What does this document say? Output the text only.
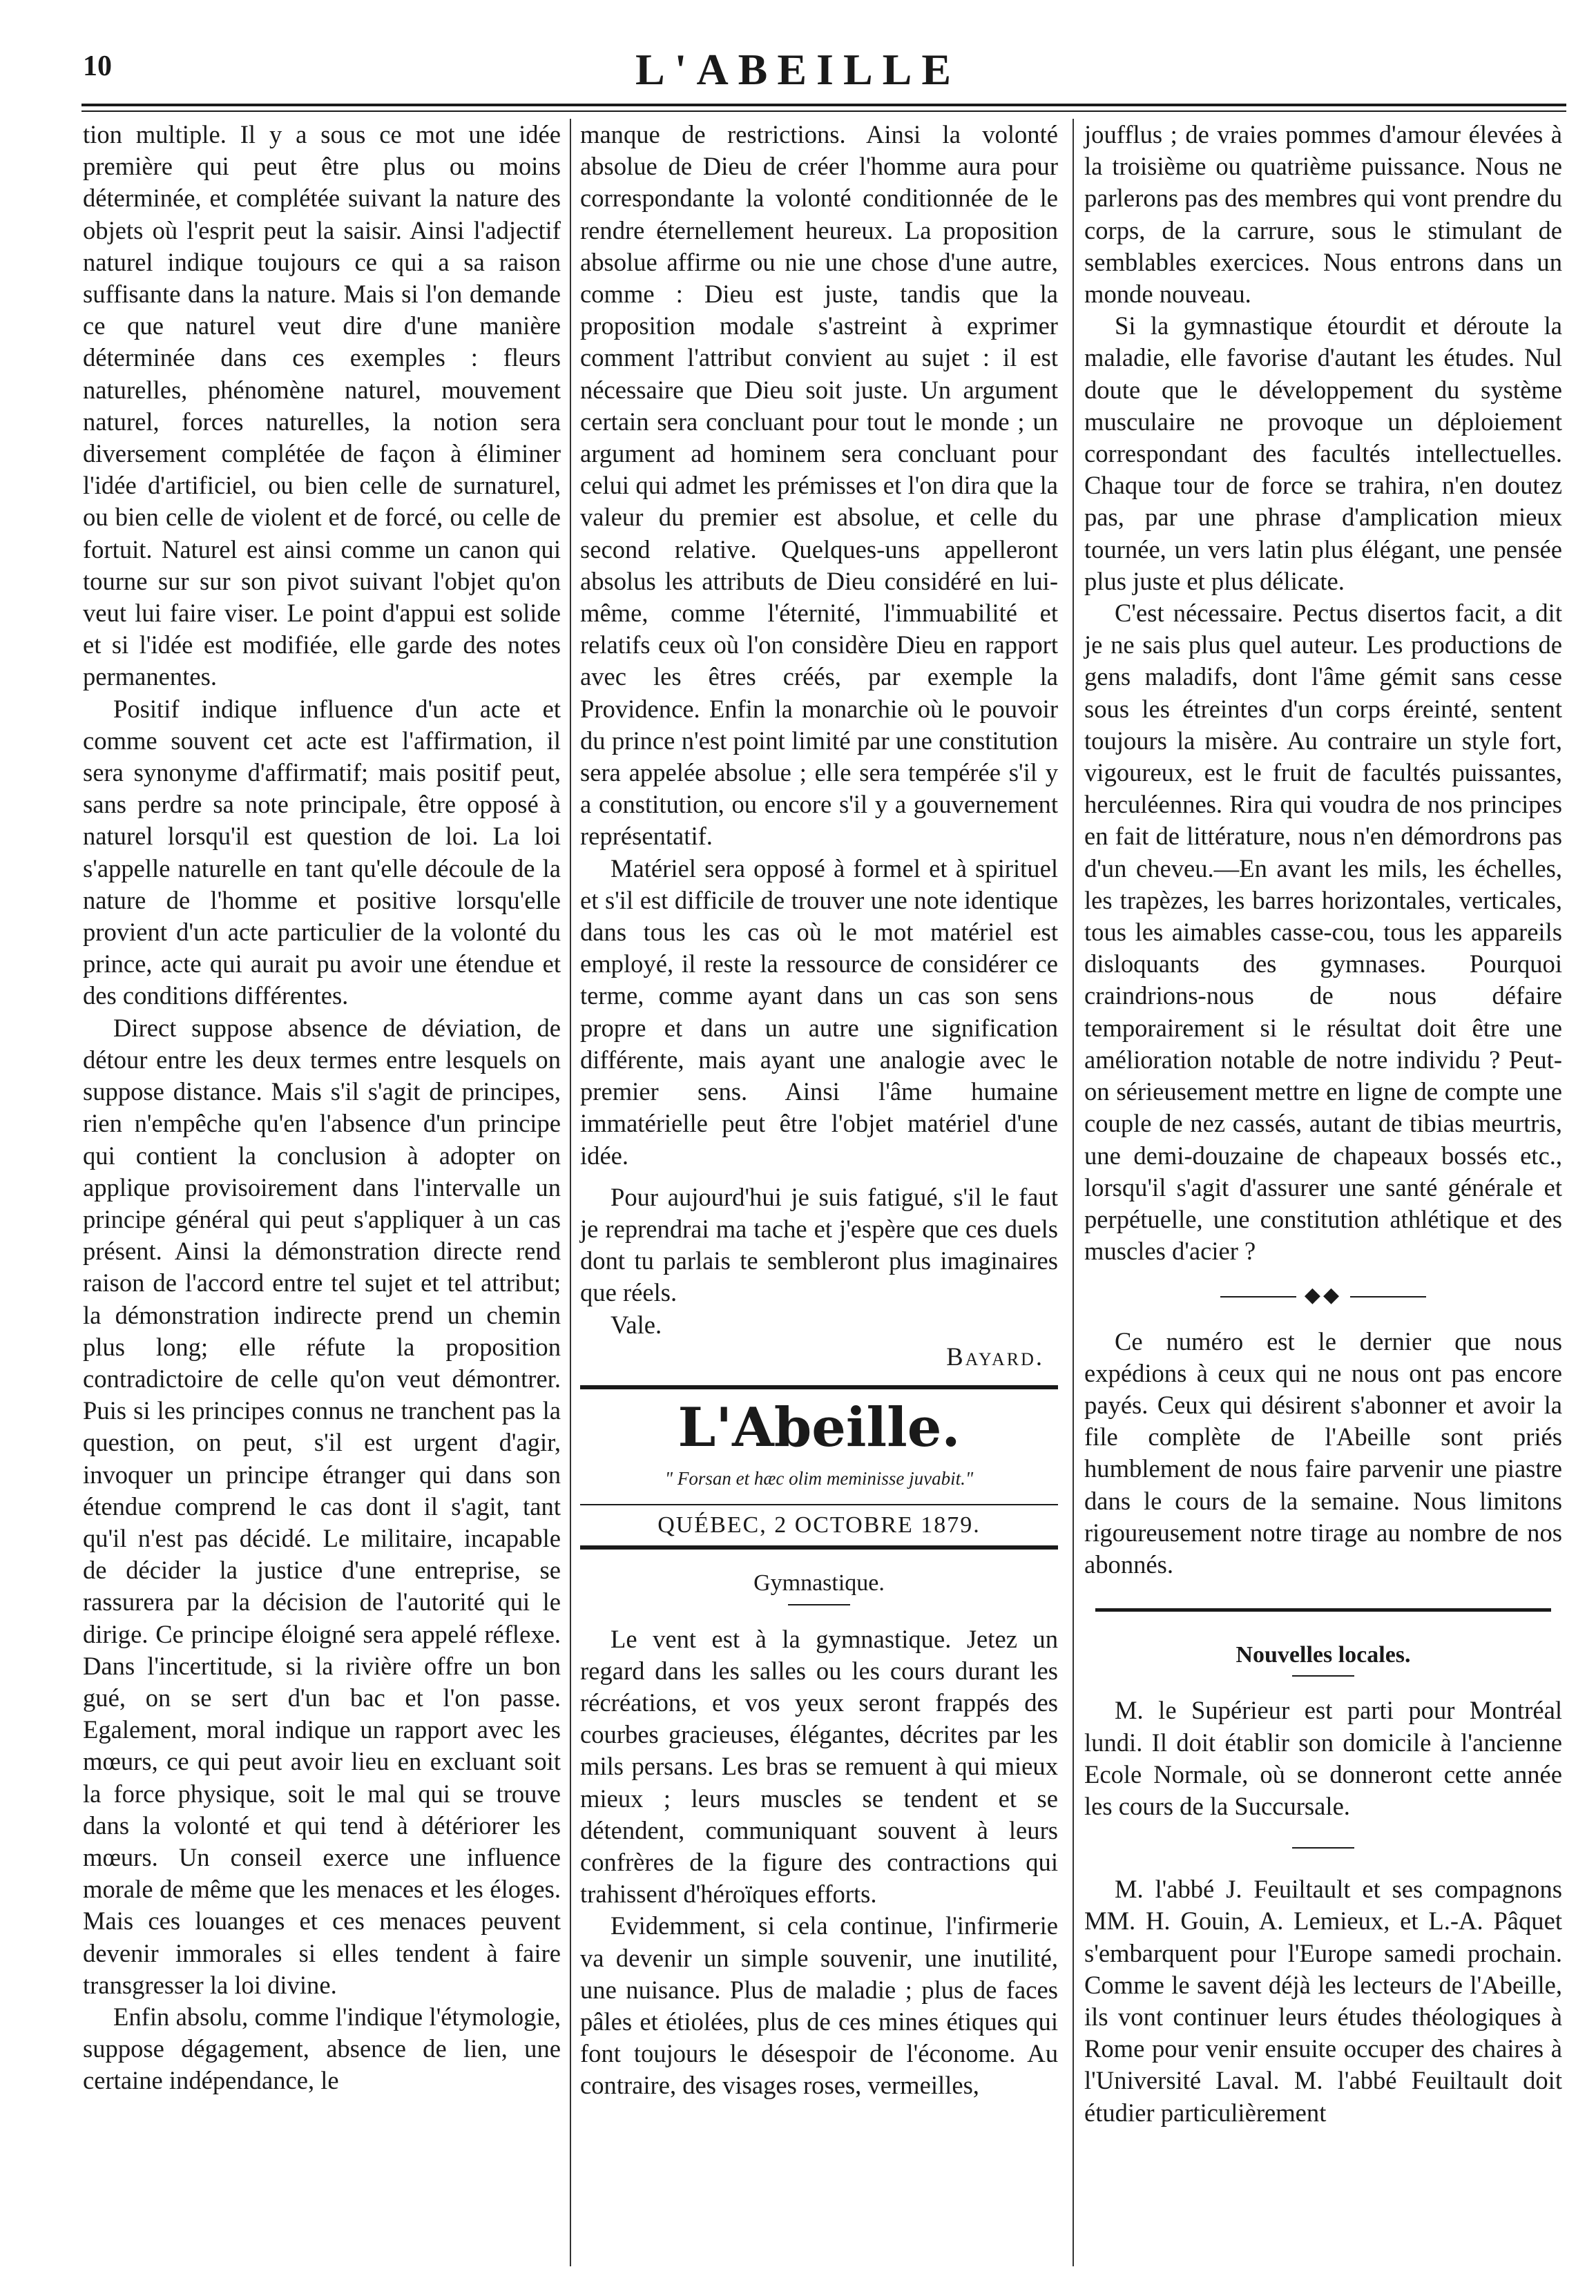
10	L'ABEILLE

tion multiple. Il y a sous ce mot une idée première qui peut être plus ou moins déterminée, et complétée suivant la nature des objets où l'esprit peut la saisir. Ainsi l'adjectif naturel indique toujours ce qui a sa raison suffisante dans la nature. Mais si l'on demande ce que naturel veut dire d'une manière déterminée dans ces exemples : fleurs naturelles, phénomène naturel, mouvement naturel, forces naturelles, la notion sera diversement complétée de façon à éliminer l'idée d'artificiel, ou bien celle de surnaturel, ou bien celle de violent et de forcé, ou celle de fortuit. Naturel est ainsi comme un canon qui tourne sur sur son pivot suivant l'objet qu'on veut lui faire viser. Le point d'appui est solide et si l'idée est modifiée, elle garde des notes permanentes.

Positif indique influence d'un acte et comme souvent cet acte est l'affirmation, il sera synonyme d'affirmatif; mais positif peut, sans perdre sa note principale, être opposé à naturel lorsqu'il est question de loi. La loi s'appelle naturelle en tant qu'elle découle de la nature de l'homme et positive lorsqu'elle provient d'un acte particulier de la volonté du prince, acte qui aurait pu avoir une étendue et des conditions différentes.

Direct suppose absence de déviation, de détour entre les deux termes entre lesquels on suppose distance. Mais s'il s'agit de principes, rien n'empêche qu'en l'absence d'un principe qui contient la conclusion à adopter on applique provisoirement dans l'intervalle un principe général qui peut s'appliquer à un cas présent. Ainsi la démonstration directe rend raison de l'accord entre tel sujet et tel attribut; la démonstration indirecte prend un chemin plus long; elle réfute la proposition contradictoire de celle qu'on veut démontrer. Puis si les principes connus ne tranchent pas la question, on peut, s'il est urgent d'agir, invoquer un principe étranger qui dans son étendue comprend le cas dont il s'agit, tant qu'il n'est pas décidé. Le militaire, incapable de décider la justice d'une entreprise, se rassurera par la décision de l'autorité qui le dirige. Ce principe éloigné sera appelé réflexe. Dans l'incertitude, si la rivière offre un bon gué, on se sert d'un bac et l'on passe. Egalement, moral indique un rapport avec les mœurs, ce qui peut avoir lieu en excluant soit la force physique, soit le mal qui se trouve dans la volonté et qui tend à détériorer les mœurs. Un conseil exerce une influence morale de même que les menaces et les éloges. Mais ces louanges et ces menaces peuvent devenir immorales si elles tendent à faire transgresser la loi divine.

Enfin absolu, comme l'indique l'étymologie, suppose dégagement, absence de lien, une certaine indépendance, le

manque de restrictions. Ainsi la volonté absolue de Dieu de créer l'homme aura pour correspondante la volonté conditionnée de le rendre éternellement heureux. La proposition absolue affirme ou nie une chose d'une autre, comme : Dieu est juste, tandis que la proposition modale s'astreint à exprimer comment l'attribut convient au sujet : il est nécessaire que Dieu soit juste. Un argument certain sera concluant pour tout le monde ; un argument ad hominem sera concluant pour celui qui admet les prémisses et l'on dira que la valeur du premier est absolue, et celle du second relative. Quelques-uns appelleront absolus les attributs de Dieu considéré en lui-même, comme l'éternité, l'immuabilité et relatifs ceux où l'on considère Dieu en rapport avec les êtres créés, par exemple la Providence. Enfin la monarchie où le pouvoir du prince n'est point limité par une constitution sera appelée absolue ; elle sera tempérée s'il y a constitution, ou encore s'il y a gouvernement représentatif.

Matériel sera opposé à formel et à spirituel et s'il est difficile de trouver une note identique dans tous les cas où le mot matériel est employé, il reste la ressource de considérer ce terme, comme ayant dans un cas son sens propre et dans un autre une signification différente, mais ayant une analogie avec le premier sens. Ainsi l'âme humaine immatérielle peut être l'objet matériel d'une idée.

Pour aujourd'hui je suis fatigué, s'il le faut je reprendrai ma tache et j'espère que ces duels dont tu parlais te sembleront plus imaginaires que réels.

Vale.

Bayard.

L'Abeille.
" Forsan et hæc olim meminisse juvabit."
QUÉBEC, 2 OCTOBRE 1879.
Gymnastique.

Le vent est à la gymnastique. Jetez un regard dans les salles ou les cours durant les récréations, et vos yeux seront frappés des courbes gracieuses, élégantes, décrites par les mils persans. Les bras se remuent à qui mieux mieux ; leurs muscles se tendent et se détendent, communiquant souvent à leurs confrères de la figure des contractions qui trahissent d'héroïques efforts.

Evidemment, si cela continue, l'infirmerie va devenir un simple souvenir, une inutilité, une nuisance. Plus de maladie ; plus de faces pâles et étiolées, plus de ces mines étiques qui font toujours le désespoir de l'économe. Au contraire, des visages roses, vermeilles,

joufflus ; de vraies pommes d'amour élevées à la troisième ou quatrième puissance. Nous ne parlerons pas des membres qui vont prendre du corps, de la carrure, sous le stimulant de semblables exercices. Nous entrons dans un monde nouveau.

Si la gymnastique étourdit et déroute la maladie, elle favorise d'autant les études. Nul doute que le développement du système musculaire ne provoque un déploiement correspondant des facultés intellectuelles. Chaque tour de force se trahira, n'en doutez pas, par une phrase d'amplication mieux tournée, un vers latin plus élégant, une pensée plus juste et plus délicate.

C'est nécessaire. Pectus disertos facit, a dit je ne sais plus quel auteur. Les productions de gens maladifs, dont l'âme gémit sans cesse sous les étreintes d'un corps éreinté, sentent toujours la misère. Au contraire un style fort, vigoureux, est le fruit de facultés puissantes, herculéennes. Rira qui voudra de nos principes en fait de littérature, nous n'en démordrons pas d'un cheveu.—En avant les mils, les échelles, les trapèzes, les barres horizontales, verticales, tous les aimables casse-cou, tous les appareils disloquants des gymnases. Pourquoi craindrions-nous de nous défaire temporairement si le résultat doit être une amélioration notable de notre individu ? Peut-on sérieusement mettre en ligne de compte une couple de nez cassés, autant de tibias meurtris, une demi-douzaine de chapeaux bossés etc., lorsqu'il s'agit d'assurer une santé générale et perpétuelle, une constitution athlétique et des muscles d'acier ?

◆◆

Ce numéro est le dernier que nous expédions à ceux qui ne nous ont pas encore payés. Ceux qui désirent s'abonner et avoir la file complète de l'Abeille sont priés humblement de nous faire parvenir une piastre dans le cours de la semaine. Nous limitons rigoureusement notre tirage au nombre de nos abonnés.

Nouvelles locales.

M. le Supérieur est parti pour Montréal lundi. Il doit établir son domicile à l'ancienne Ecole Normale, où se donneront cette année les cours de la Succursale.

M. l'abbé J. Feuiltault et ses compagnons MM. H. Gouin, A. Lemieux, et L.-A. Pâquet s'embarquent pour l'Europe samedi prochain. Comme le savent déjà les lecteurs de l'Abeille, ils vont continuer leurs études théologiques à Rome pour venir ensuite occuper des chaires à l'Université Laval. M. l'abbé Feuiltault doit étudier particulièrement
